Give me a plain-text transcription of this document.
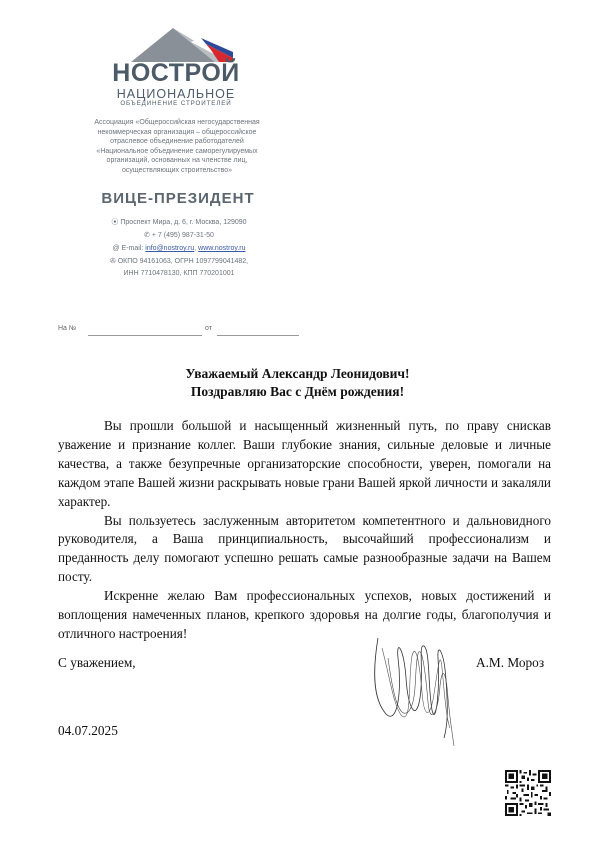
НОСТРОЙ
НАЦИОНАЛЬНОЕ
ОБЪЕДИНЕНИЕ СТРОИТЕЛЕЙ
Ассоциация «Общероссийская негосударственная
некоммерческая организация – общероссийское
отраслевое объединение работодателей
«Национальное объединение саморегулируемых
организаций, основанных на членстве лиц,
осуществляющих строительство»
ВИЦЕ-ПРЕЗИДЕНТ
⦿ Проспект Мира, д. 6, г. Москва, 129090
✆ + 7 (495) 987-31-50
@ E-mail: info@nostroy.ru, www.nostroy.ru
✇ ОКПО 94161063, ОГРН 1097799041482,
ИНН 7710478130, КПП 770201001
На №	от
Уважаемый Александр Леонидович!
Поздравляю Вас с Днём рождения!

Вы прошли большой и насыщенный жизненный путь, по праву снискав уважение и признание коллег. Ваши глубокие знания, сильные деловые и личные качества, а также безупречные организаторские способности, уверен, помогали на каждом этапе Вашей жизни раскрывать новые грани Вашей яркой личности и закаляли характер.

Вы пользуетесь заслуженным авторитетом компетентного и дальновидного руководителя, а Ваша принципиальность, высочайший профессионализм и преданность делу помогают успешно решать самые разнообразные задачи на Вашем посту.

Искренне желаю Вам профессиональных успехов, новых достижений и воплощения намеченных планов, крепкого здоровья на долгие годы, благополучия и отличного настроения!

С уважением,	А.М. Мороз
04.07.2025
